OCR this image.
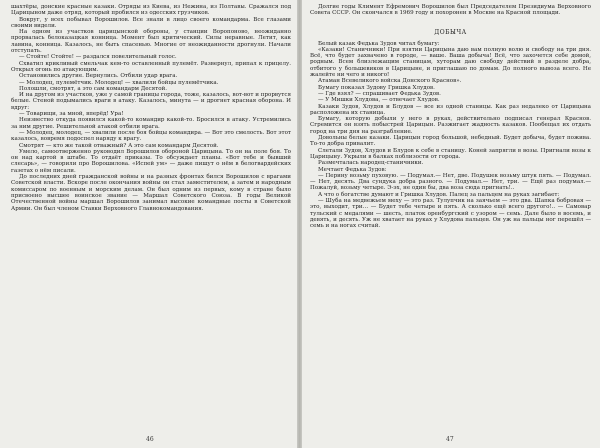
шахтёры, донские красные казаки. Отряды из Киева, из Нежина, из Полтавы. Сражался под Царицыном даже отряд, который пробился из одесских грузчиков.

Вокруг, у всех побывал Ворошилов. Все знали в лицо своего командарма. Все глазами своими видели.

На одном из участков царицынской обороны, у станции Воропоново, неожиданно прорвалась белоказацкая конница. Момент был критический. Силы неравные. Летит, как лавина, конница. Казалось, не быть спасенью. Многие от неожиданности дрогнули. Начали отступать.

— Стойте! Стойте! — раздался повелительный голос.

Схватил крикливый смельчак кем-то оставленный пулемёт. Развернул, припал к прицелу. Открыл огонь по атакующим.

Остановились другие. Вернулись. Отбили удар врага.

— Молодец, пулемётчик. Молодец! — хвалили бойцы пулемётчика.

Полошли, смотрят, а это сам командарм Десятой.

И на другом из участков, уже у самой границы города, тоже, казалось, вот-вот и прорвутся белые. Стеной подымались враги в атаку. Казалось, минута — и дрогнет красная оборона. И вдруг:

— Товарищи, за мной, вперёд! Ура!

Неизвестно откуда появился какой-то командир какой-то. Бросился в атаку. Устремились за ним другие. Решительной атакой отбили врага.

— Молодец, молодец, — хвалили после боя бойцы командира. — Вот это смелость. Вот этот казалось, вовремя подоспел наряду к врагу.

Смотрят — кто же такой отважный? А это сам командарм Десятой.

Умело, самоотверженно руководил Ворошилов обороной Царицына. То он на поле боя. То он над картой в штабе. То отдаёт приказы. То обсуждает планы. «Вот тебе и бывший слесарь», — говорили про Ворошилова. «Испей ум» — даже пишут о нём в белогвардейских газетах о нём писали.

До последних дней гражданской войны и на разных фронтах бился Ворошилов с врагами Советской власти. Вскоре после окончания войны он стал заместителем, а затем и народным комиссаром по военным и морским делам. Он был одним из первых, кому в стране было присвоено высшее воинское звание — Маршал Советского Союза. В годы Великой Отечественной войны маршал Ворошилов занимал высокие командные посты в Советской Армии. Он был членом Ставки Верховного Главнокомандования.

46

Долгие годы Климент Ефремович Ворошилов был Председателем Президиума Верховного Совета СССР. Он скончался в 1969 году и похоронен в Москве на Красной площади.

ДОБЫЧА

Белый казак Федька Зудов читал бумагу:

«Казаки! Станичники! При взятии Царицына даю вам полную волю и свободу на три дня. Всё, что будет захвачено в городе, — ваше. Ваша добыча! Всё, что захочется себе домой, родным. Всем близлежащим станицам, хуторам даю свободу действий в разделе добра, отбитого у большевиков в Царицыне, и приглашаю по домам. До полного вывоза всего. Не жалейте ни чего и никого!

Атаман Всевеликого войска Донского Краснов».

Бумагу показал Зудову Гришка Хлудов.

— Где взял? — спрашивает Федька Зудов.

— У Мишки Хлудова, — отвечает Хлудов.

Казаки Зудов, Хлудов и Блудов — все из одной станицы. Как раз недалеко от Царицына расположена их станица.

Бумагу, которую добыли у него в руках, действительно подписал генерал Краснов. Сгремится он взять побыстрей Царицын. Разжигает жадность казаков. Пообещал их отдать город на три дня на разграбление.

Довольны белые казаки. Царицын город большой, небедный. Будет добыча, будет пожива. То-то добра привалит.

Слетали Зудов, Хлудов и Блудов к себе в станицу. Коней запрягли в возы. Пригнали возы к Царицыну. Укрыли в балках поблизости от города.

Размечталась народец-станичники.

Мечтает Федька Зудов:

— Перину возьму пуховую. — Подумал.— Нет, две. Подушек возьму штук пять. — Подумал.— Нет, десять. Два сундука добра разного. — Подумал.— Нет, три. — Ещё раз подумал.— Пожалуй, возьму четыре. Э-эх, не один бы, два воза сюда пригнать!..

А что о богатстве думают и Гришка Хлудов. Палец за пальцем на руках загибает:

— Шуба на медвежьем меху — это раз. Тулупчик на заячьем — это два. Шапка бобровая — это, выходит, три… — Будет тебе четыре и пять. А сколько ещё всего другого!.. — Самовар тульский с медалями — шесть, платок оренбургский с узором — семь. Дале было в восемь, и девять, и десять. Уж не хватает на руках у Хлудова пальцев. Он уж на пальцы ног перешёл — семь и на ногах считай.

47
